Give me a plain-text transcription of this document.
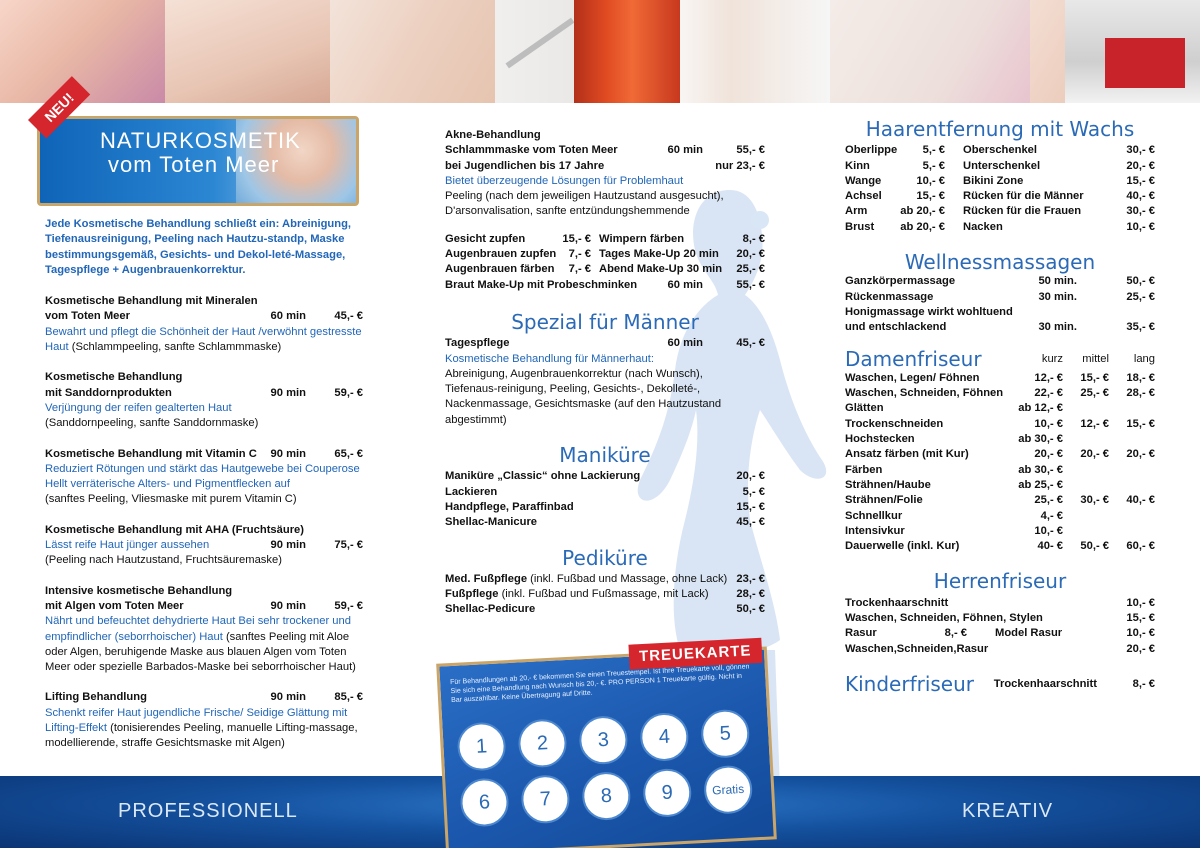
PROFESSIONELL	KREATIV
NATURKOSMETIK
vom Toten Meer
NEU!
Jede Kosmetische Behandlung schließt ein: Abreinigung, Tiefenausreinigung, Peeling nach Hautzu-standp, Maske bestimmungsgemäß, Gesichts- und Dekol-leté-Massage, Tagespflege + Augenbrauenkorrektur.
Kosmetische Behandlung mit Mineralen
vom Toten Meer	60 min	45,- €
Bewahrt und pflegt die Schönheit der Haut /verwöhnt gestresste Haut (Schlammpeeling, sanfte Schlammmaske)
Kosmetische Behandlung
mit Sanddornprodukten	90 min	59,- €
Verjüngung der reifen gealterten Haut
(Sanddornpeeling, sanfte Sanddornmaske)
Kosmetische Behandlung mit Vitamin C 90 min	65,- €
Reduziert Rötungen und stärkt das Hautgewebe bei Couperose Hellt verräterische Alters- und Pigmentflecken auf
(sanftes Peeling, Vliesmaske mit purem Vitamin C)
Kosmetische Behandlung mit AHA (Fruchtsäure)
Lässt reife Haut jünger aussehen	90 min	75,- €
(Peeling nach Hautzustand, Fruchtsäuremaske)
Intensive kosmetische Behandlung
mit Algen vom Toten Meer	90 min	59,- €
Nährt und befeuchtet dehydrierte Haut Bei sehr trockener und empfindlicher (seborrhoischer) Haut (sanftes Peeling mit Aloe oder Algen, beruhigende Maske aus blauen Algen vom Toten Meer oder spezielle Barbados-Maske bei seborrhoischer Haut)
Lifting Behandlung	90 min	85,- €
Schenkt reifer Haut jugendliche Frische/ Seidige Glättung mit Lifting-Effekt (tonisierendes Peeling, manuelle Lifting-massage, modellierende, straffe Gesichtsmaske mit Algen)
Akne-Behandlung
Schlammmaske vom Toten Meer	60 min	55,- €
bei Jugendlichen bis 17 Jahre	nur 23,- €
Bietet überzeugende Lösungen für Problemhaut
Peeling (nach dem jeweiligen Hautzustand ausgesucht), D'arsonvalisation, sanfte entzündungshemmende
Gesicht zupfen	15,- € Wimpern färben	8,- €
Augenbrauen zupfen 7,- € Tages Make-Up 20 min 20,- €
Augenbrauen färben 7,- € Abend Make-Up 30 min 25,- €
Braut Make-Up mit Probeschminken	60 min	55,- €
Spezial für Männer
Tagespflege	60 min	45,- €
Kosmetische Behandlung für Männerhaut:
Abreinigung, Augenbrauenkorrektur (nach Wunsch), Tiefenaus-reinigung, Peeling, Gesichts-, Dekolleté-, Nackenmassage, Gesichtsmaske (auf den Hautzustand abgestimmt)
Maniküre
Maniküre „Classic“ ohne Lackierung	20,- €
Lackieren	5,- €
Handpflege, Paraffinbad	15,- €
Shellac-Manicure	45,- €
Pediküre
Med. Fußpflege (inkl. Fußbad und Massage, ohne Lack) 23,- €
Fußpflege (inkl. Fußbad und Fußmassage, mit Lack) 28,- €
Shellac-Pedicure	50,- €
TREUEKARTE
Für Behandlungen ab 20,- € bekommen Sie einen Treuestempel. Ist Ihre Treuekarte voll, gönnen Sie sich eine Behandlung nach Wunsch bis 20,- €. PRO PERSON 1 Treuekarte gültig. Nicht in Bar auszahlbar. Keine Übertragung auf Dritte.
1	2	3	4	5
6	7	8	9	Gratis
Haarentfernung mit Wachs
Oberlippe 5,- €
Kinn	5,- €
Wange	10,- €
Achsel	15,- €
Arm	ab 20,- €
Brust ab 20,- €
Oberschenkel	30,- €
Unterschenkel	20,- €
Bikini Zone	15,- €
Rücken für die Männer	40,- €
Rücken für die Frauen	30,- €
Nacken	10,- €
Wellnessmassagen
Ganzkörpermassage	50 min.	50,- €
Rückenmassage	30 min.	25,- €
Honigmassage wirkt wohltuend
und entschlackend	30 min.	35,- €
Damenfriseur	kurz	mittel	lang
Waschen, Legen/ Föhnen	12,- €	15,- €	18,- €
Waschen, Schneiden, Föhnen	22,- €	25,- €	28,- €
Glätten	ab 12,- €
Trockenschneiden	10,- €	12,- €	15,- €
Hochstecken	ab 30,- €
Ansatz färben (mit Kur)	20,- €	20,- €	20,- €
Färben	ab 30,- €
Strähnen/Haube	ab 25,- €
Strähnen/Folie	25,- €	30,- €	40,- €
Schnellkur	4,- €
Intensivkur	10,- €
Dauerwelle (inkl. Kur)	40- €	50,- €	60,- €
Herrenfriseur
Trockenhaarschnitt	10,- €
Waschen, Schneiden, Föhnen, Stylen	15,- €
Rasur	8,- €	Model Rasur	10,- €
Waschen,Schneiden,Rasur	20,- €
Kinderfriseur Trockenhaarschnitt	8,- €
